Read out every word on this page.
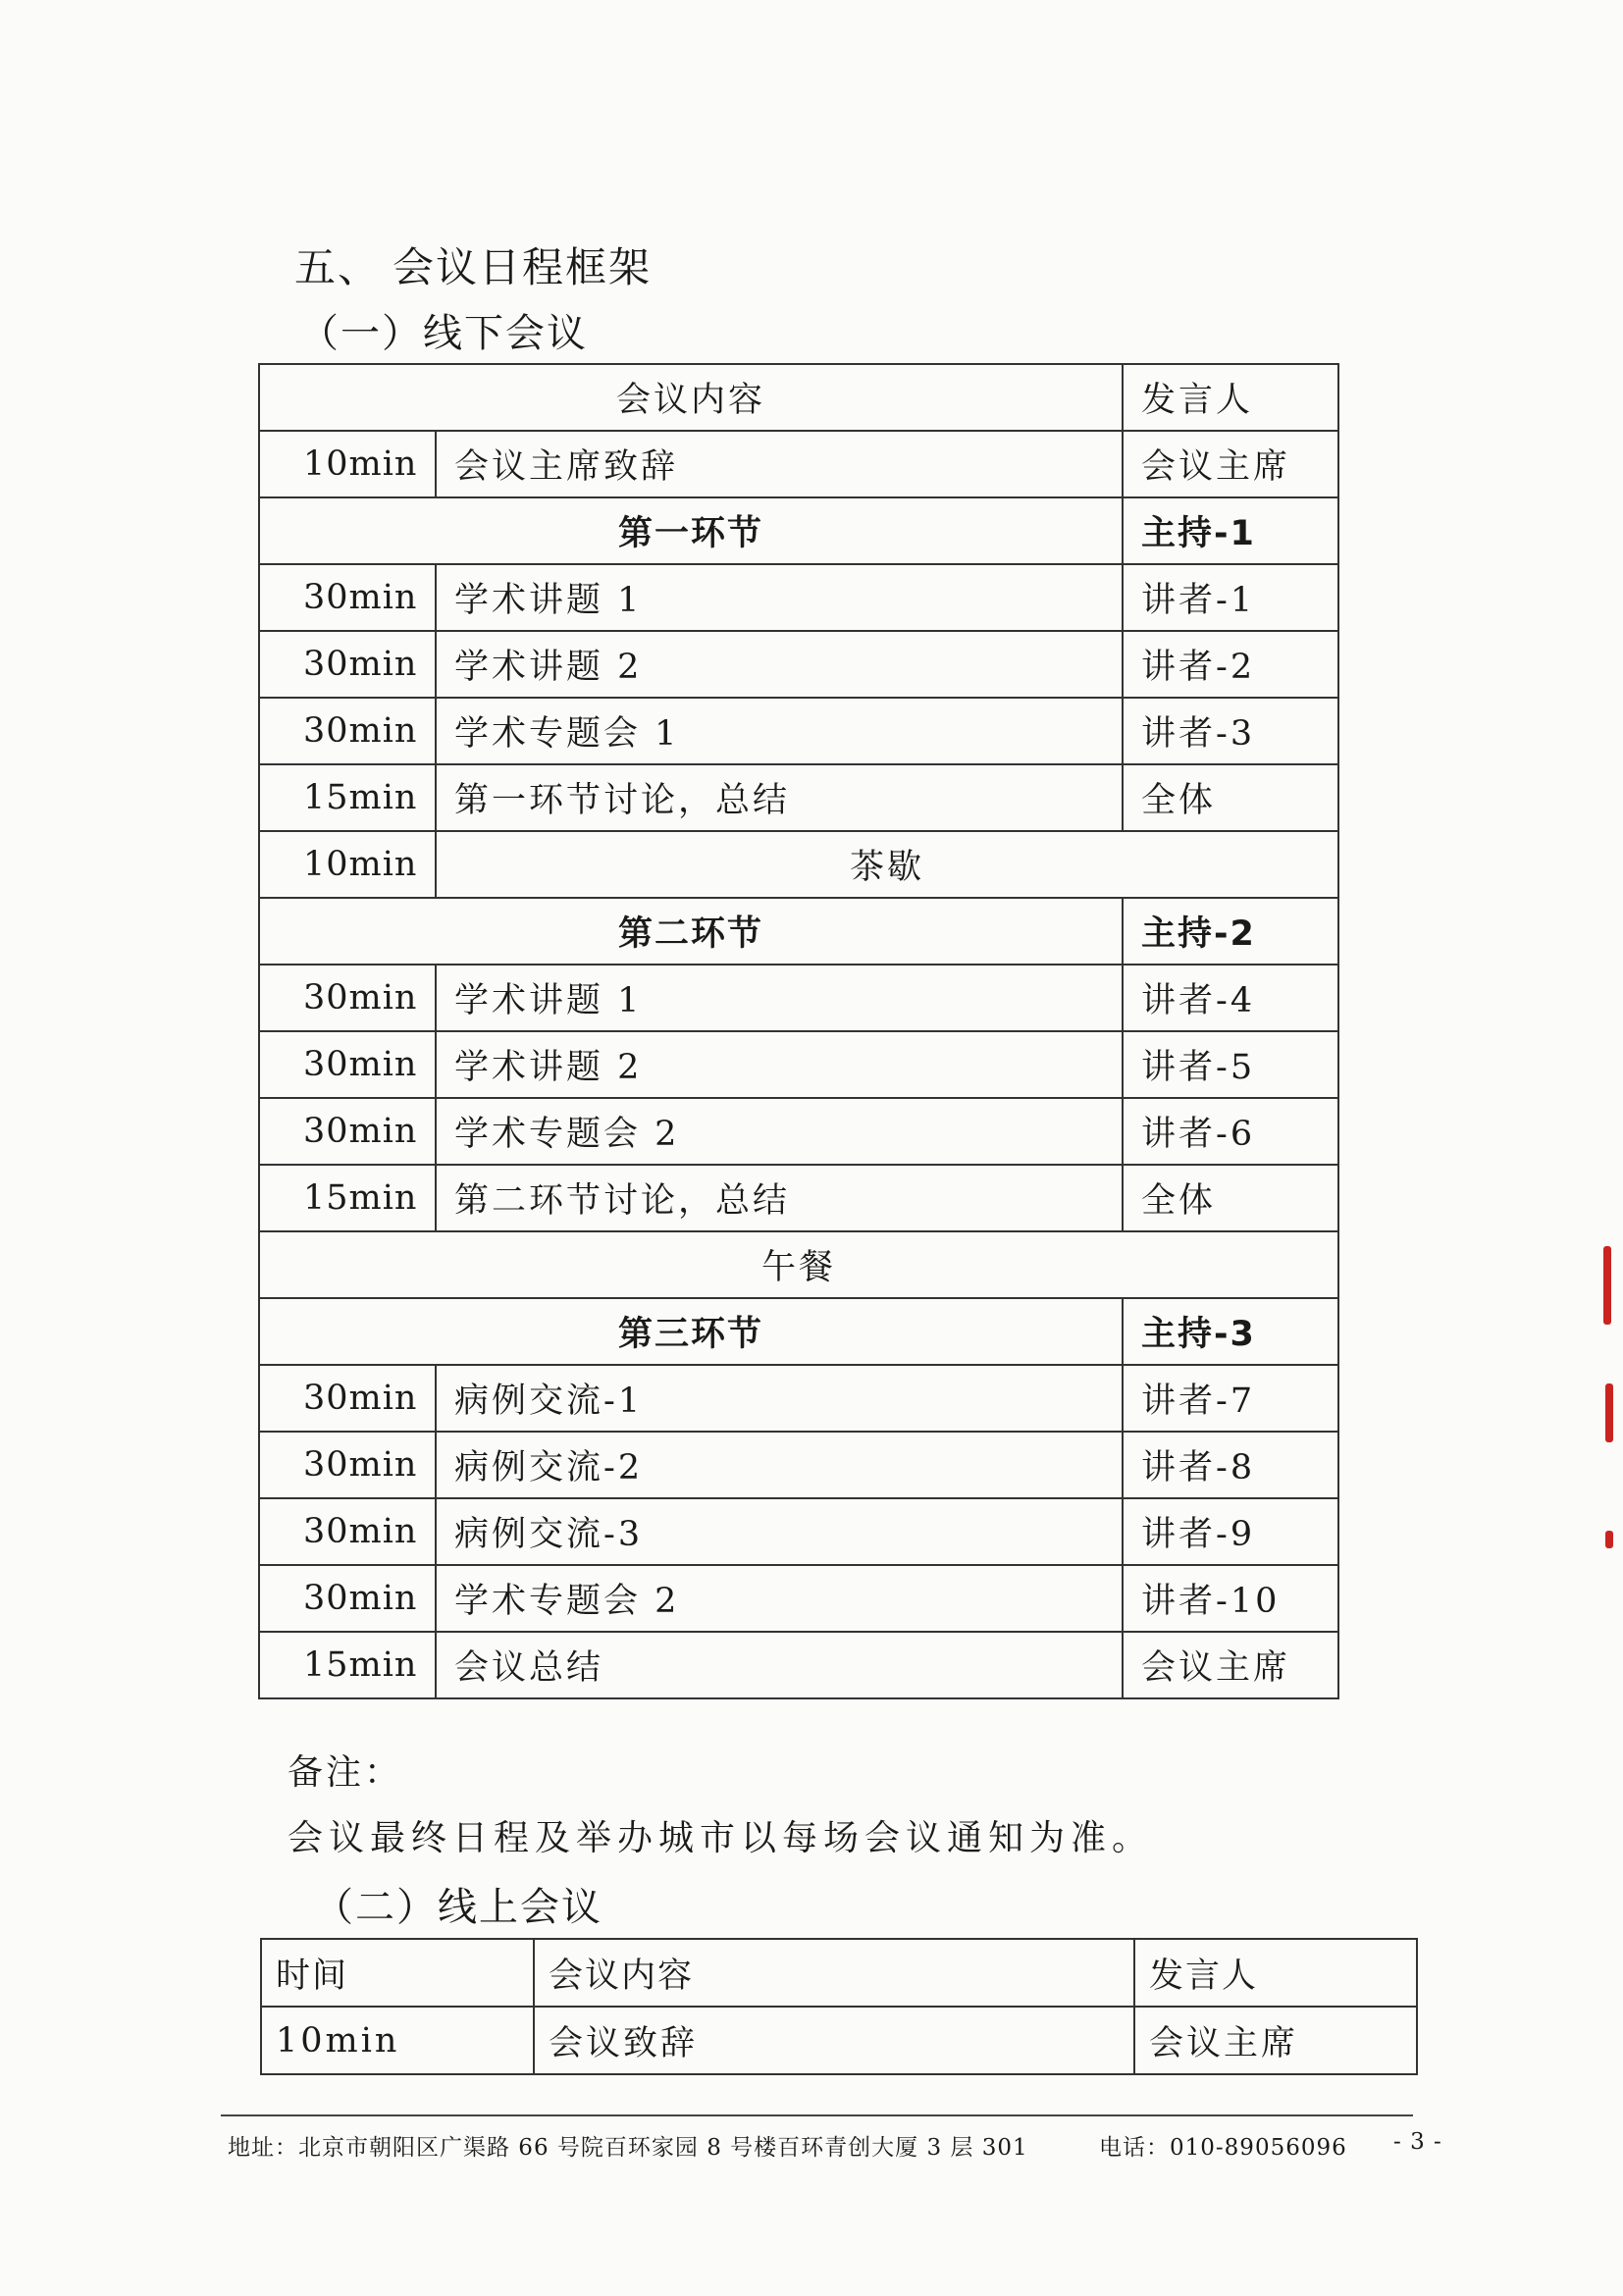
五、 会议日程框架
（一）线下会议
会议内容		发言人
10min	会议主席致辞	会议主席
第一环节		主持-1
30min	学术讲题 1	讲者-1
30min	学术讲题 2	讲者-2
30min	学术专题会 1	讲者-3
15min	第一环节讨论，总结	全体
10min	茶歇	
第二环节		主持-2
30min	学术讲题 1	讲者-4
30min	学术讲题 2	讲者-5
30min	学术专题会 2	讲者-6
15min	第二环节讨论，总结	全体
午餐		
第三环节		主持-3
30min	病例交流-1	讲者-7
30min	病例交流-2	讲者-8
30min	病例交流-3	讲者-9
30min	学术专题会 2	讲者-10
15min	会议总结	会议主席
备注：
会议最终日程及举办城市以每场会议通知为准。
（二）线上会议
时间	会议内容	发言人
10min	会议致辞	会议主席
地址：北京市朝阳区广渠路 66 号院百环家园 8 号楼百环青创大厦 3 层 301	电话：010-89056096 - 3 -
